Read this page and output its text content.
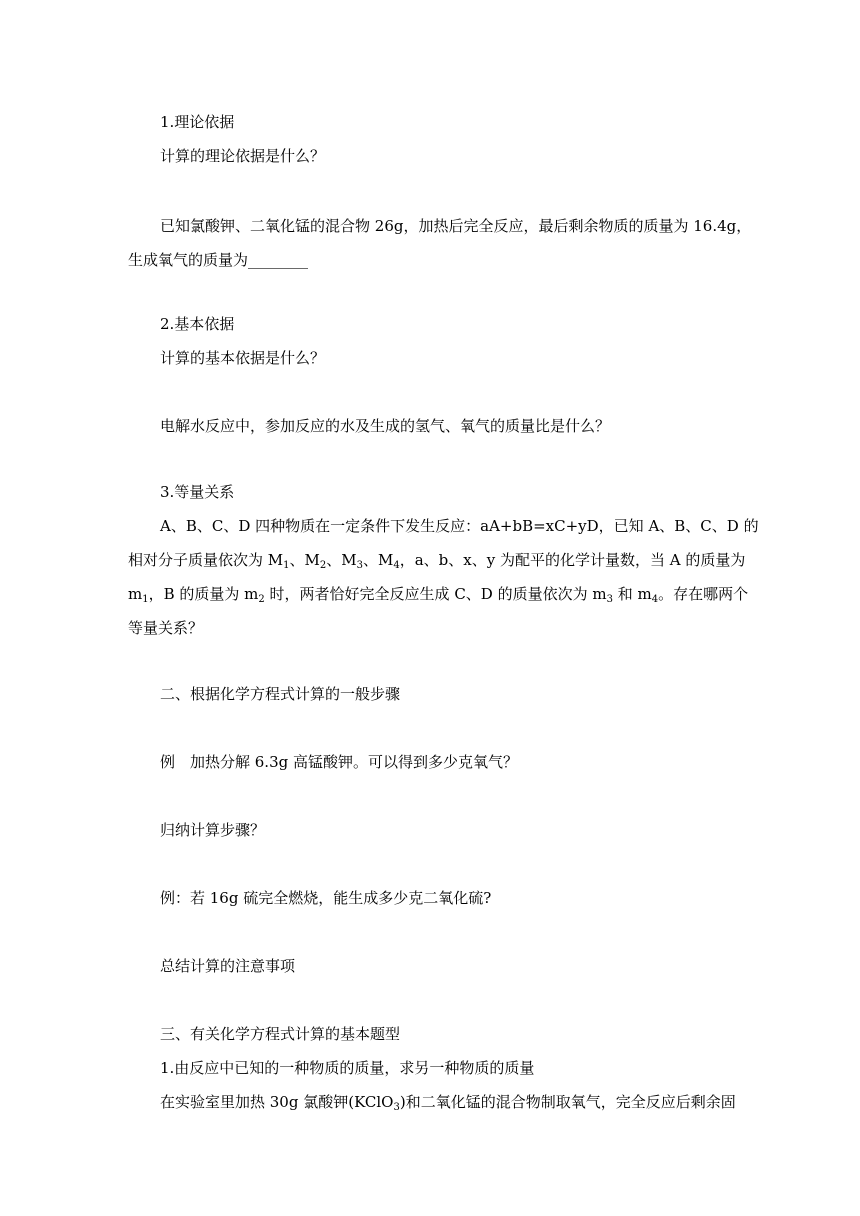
1.理论依据
计算的理论依据是什么？
已知氯酸钾、二氧化锰的混合物 26g，加热后完全反应，最后剩余物质的质量为 16.4g，
生成氧气的质量为________
2.基本依据
计算的基本依据是什么？
电解水反应中，参加反应的水及生成的氢气、氧气的质量比是什么？
3.等量关系
A、B、C、D 四种物质在一定条件下发生反应：aA+bB=xC+yD，已知 A、B、C、D 的
相对分子质量依次为 $M_1$、$M_2$、$M_3$、$M_4$，a、b、x、y 为配平的化学计量数，当 A 的质量为
$m_1$，B 的质量为 $m_2$ 时，两者恰好完全反应生成 C、D 的质量依次为 $m_3$ 和 $m_4$。存在哪两个
等量关系？
二、根据化学方程式计算的一般步骤
例　加热分解 6.3g 高锰酸钾。可以得到多少克氧气？
归纳计算步骤？
例：若 16g 硫完全燃烧，能生成多少克二氧化硫?
总结计算的注意事项
三、有关化学方程式计算的基本题型
1.由反应中已知的一种物质的质量，求另一种物质的质量
在实验室里加热 30g 氯酸钾(KClO$_3$)和二氧化锰的混合物制取氧气，完全反应后剩余固
